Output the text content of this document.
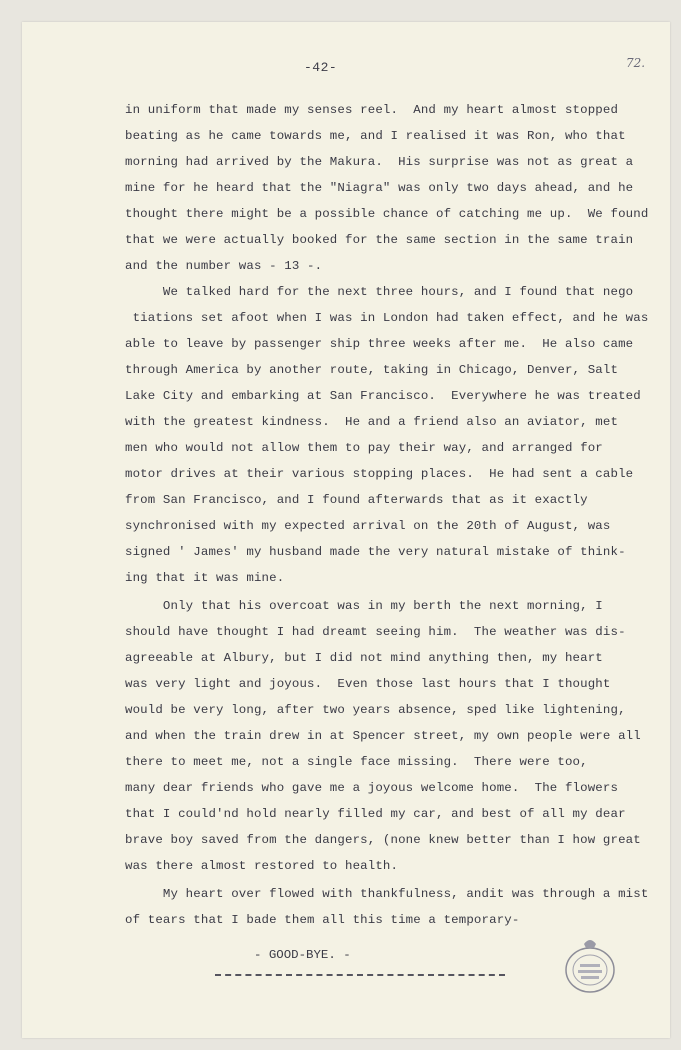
-42-	72.
in uniform that made my senses reel.  And my heart almost stopped
beating as he came towards me, and I realised it was Ron, who that
morning had arrived by the Makura.  His surprise was not as great a
mine for he heard that the "Niagra" was only two days ahead, and he
thought there might be a possible chance of catching me up.  We found
that we were actually booked for the same section in the same train
and the number was - 13 -.
We talked hard for the next three hours, and I found that nego
tiations set afoot when I was in London had taken effect, and he was
able to leave by passenger ship three weeks after me.  He also came
through America by another route, taking in Chicago, Denver, Salt
Lake City and embarking at San Francisco.  Everywhere he was treated
with the greatest kindness.  He and a friend also an aviator, met
men who would not allow them to pay their way, and arranged for
motor drives at their various stopping places.  He had sent a cable
from San Francisco, and I found afterwards that as it exactly
synchronised with my expected arrival on the 20th of August, was
signed ' James' my husband made the very natural mistake of think-
ing that it was mine.
Only that his overcoat was in my berth the next morning, I
should have thought I had dreamt seeing him.  The weather was dis-
agreeable at Albury, but I did not mind anything then, my heart
was very light and joyous.  Even those last hours that I thought
would be very long, after two years absence, sped like lightening,
and when the train drew in at Spencer street, my own people were all
there to meet me, not a single face missing.  There were too,
many dear friends who gave me a joyous welcome home.  The flowers
that I could'nd hold nearly filled my car, and best of all my dear
brave boy saved from the dangers, (none knew better than I how great
was there almost restored to health.
My heart over flowed with thankfulness, andit was through a mist
of tears that I bade them all this time a temporary-
- GOOD-BYE. -
